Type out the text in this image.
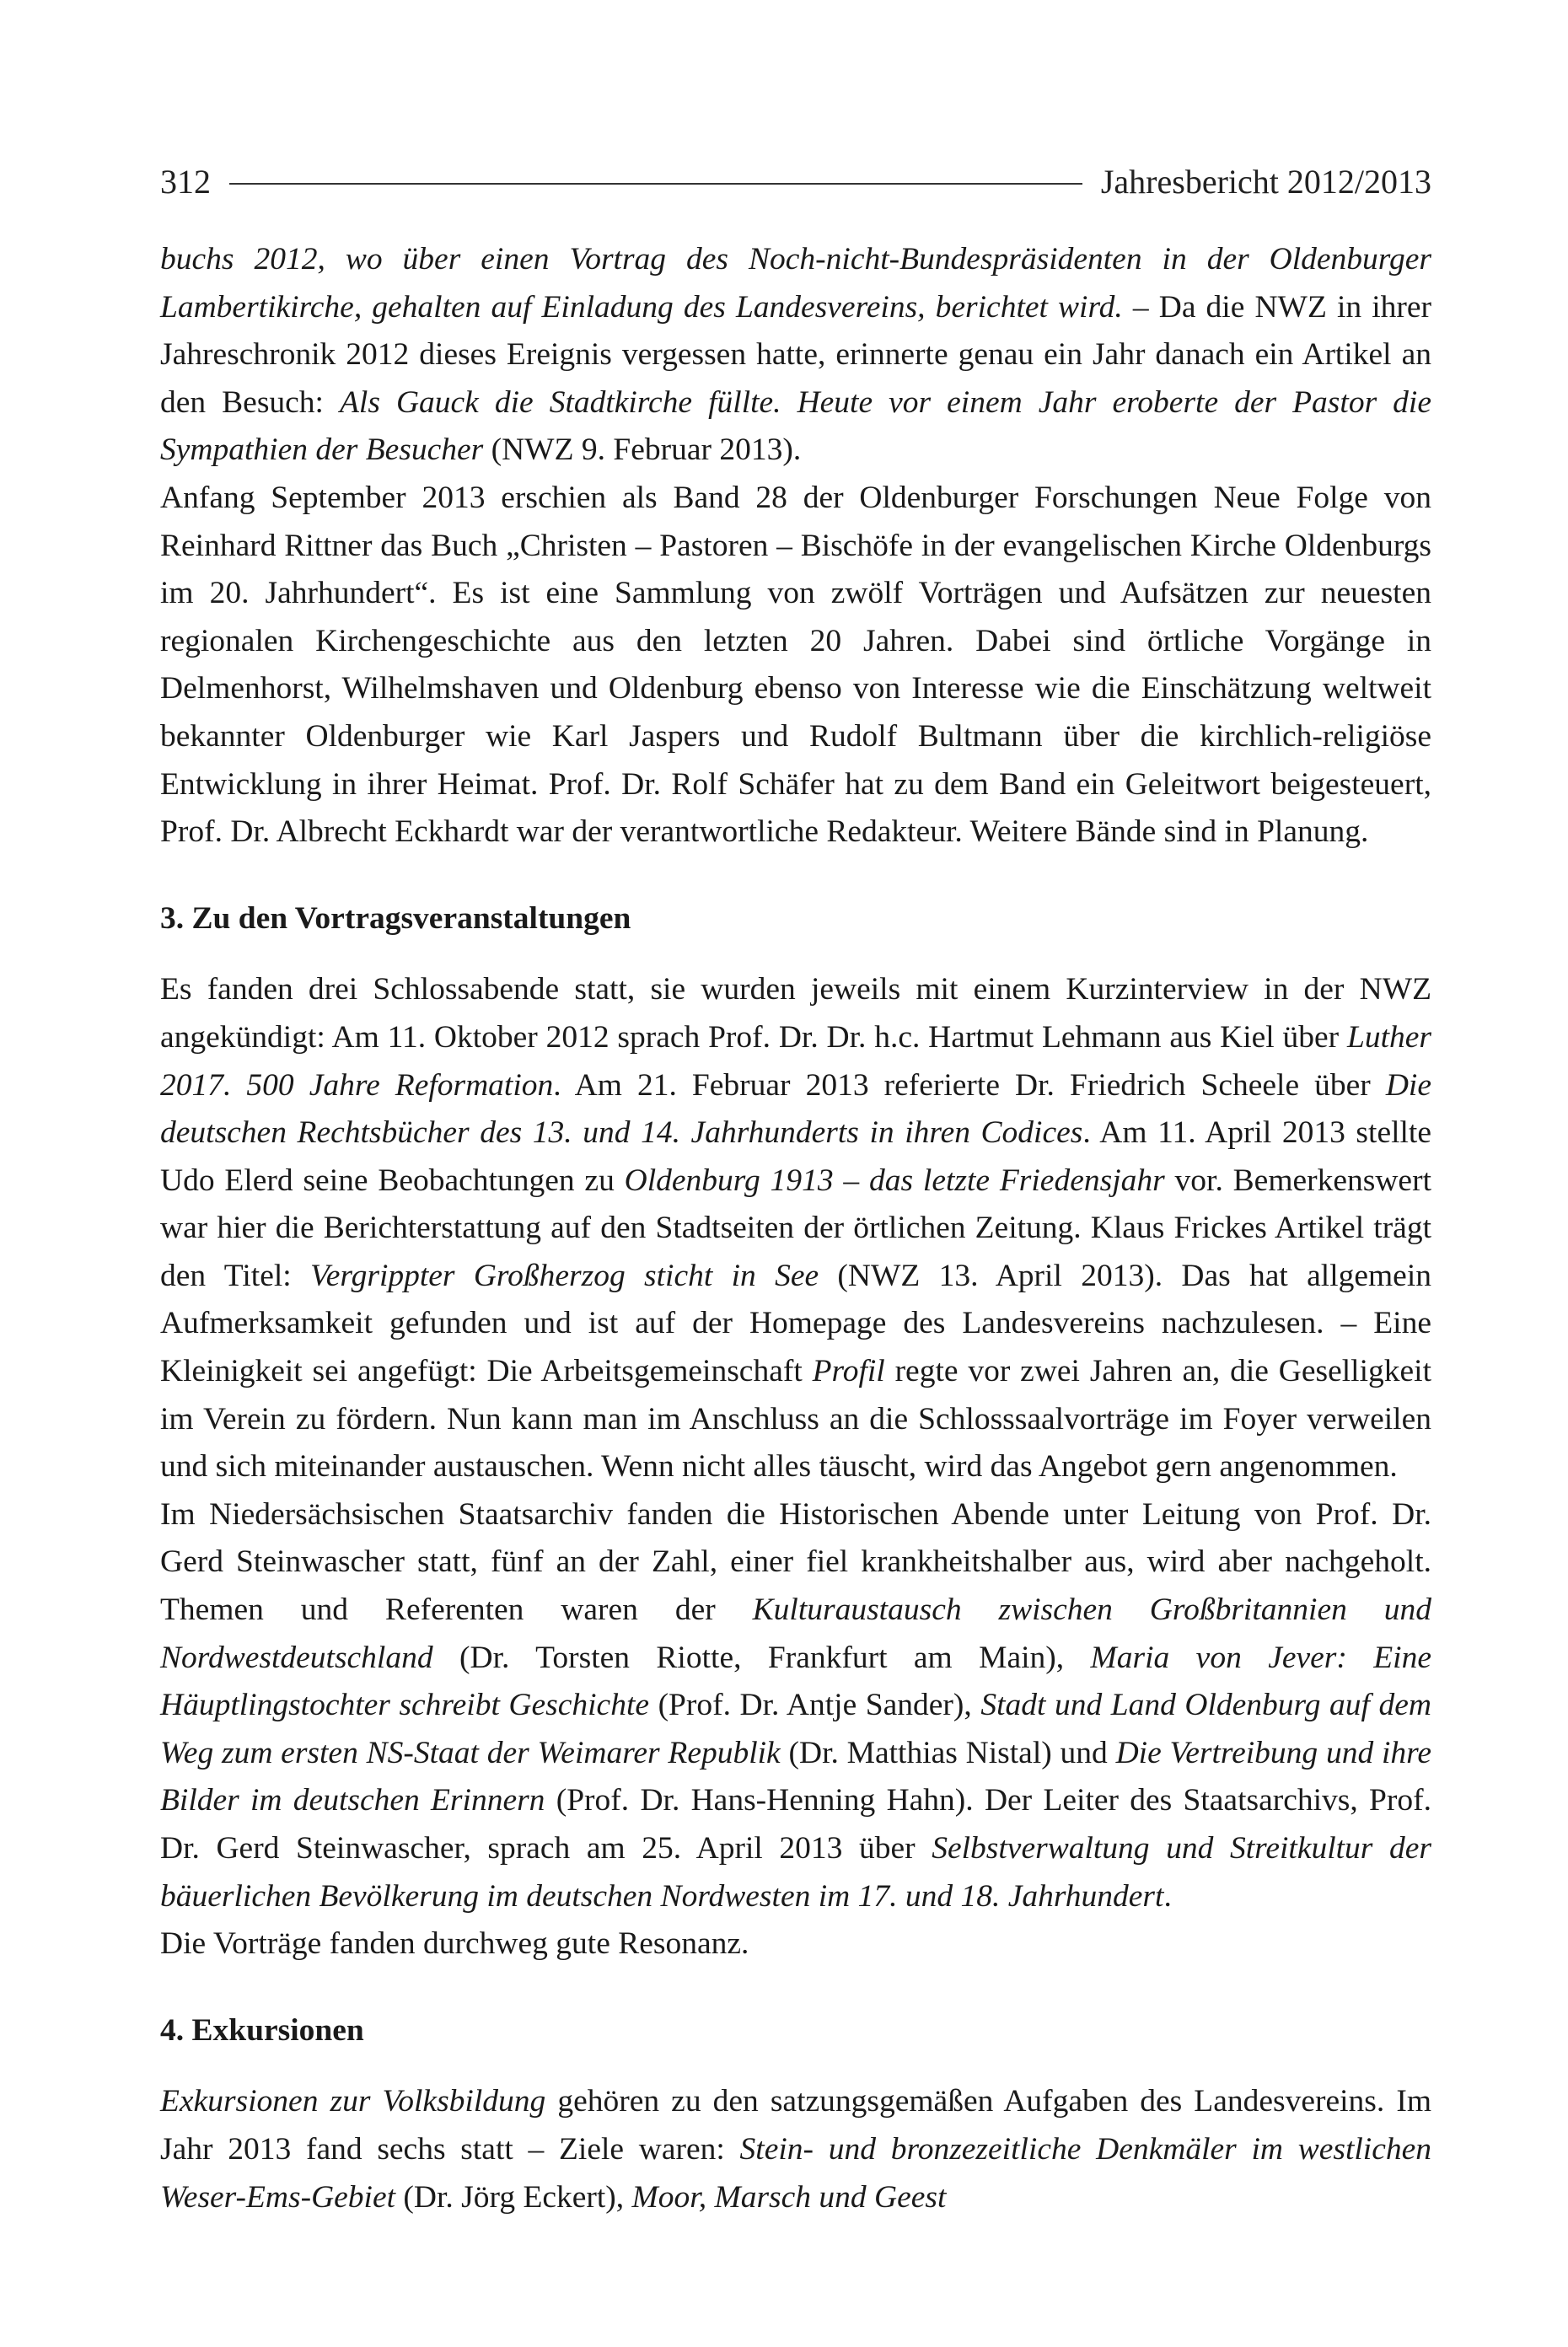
312	Jahresbericht 2012/2013

buchs 2012, wo über einen Vortrag des Noch-nicht-Bundespräsidenten in der Oldenburger Lambertikirche, gehalten auf Einladung des Landesvereins, berichtet wird. – Da die NWZ in ihrer Jahreschronik 2012 dieses Ereignis vergessen hatte, erinnerte genau ein Jahr danach ein Artikel an den Besuch: Als Gauck die Stadtkirche füllte. Heute vor einem Jahr eroberte der Pastor die Sympathien der Besucher (NWZ 9. Februar 2013).

Anfang September 2013 erschien als Band 28 der Oldenburger Forschungen Neue Folge von Reinhard Rittner das Buch „Christen – Pastoren – Bischöfe in der evangelischen Kirche Oldenburgs im 20. Jahrhundert“. Es ist eine Sammlung von zwölf Vorträgen und Aufsätzen zur neuesten regionalen Kirchengeschichte aus den letzten 20 Jahren. Dabei sind örtliche Vorgänge in Delmenhorst, Wilhelmshaven und Oldenburg ebenso von Interesse wie die Einschätzung weltweit bekannter Oldenburger wie Karl Jaspers und Rudolf Bultmann über die kirchlich-religiöse Entwicklung in ihrer Heimat. Prof. Dr. Rolf Schäfer hat zu dem Band ein Geleitwort beigesteuert, Prof. Dr. Albrecht Eckhardt war der verantwortliche Redakteur. Weitere Bände sind in Planung.

3. Zu den Vortragsveranstaltungen

Es fanden drei Schlossabende statt, sie wurden jeweils mit einem Kurzinterview in der NWZ angekündigt: Am 11. Oktober 2012 sprach Prof. Dr. Dr. h.c. Hartmut Lehmann aus Kiel über Luther 2017. 500 Jahre Reformation. Am 21. Februar 2013 referierte Dr. Friedrich Scheele über Die deutschen Rechtsbücher des 13. und 14. Jahrhunderts in ihren Codices. Am 11. April 2013 stellte Udo Elerd seine Beobachtungen zu Oldenburg 1913 – das letzte Friedensjahr vor. Bemerkenswert war hier die Berichterstattung auf den Stadtseiten der örtlichen Zeitung. Klaus Frickes Artikel trägt den Titel: Vergrippter Großherzog sticht in See (NWZ 13. April 2013). Das hat allgemein Aufmerksamkeit gefunden und ist auf der Homepage des Landesvereins nachzulesen. – Eine Kleinigkeit sei angefügt: Die Arbeitsgemeinschaft Profil regte vor zwei Jahren an, die Geselligkeit im Verein zu fördern. Nun kann man im Anschluss an die Schlosssaalvorträge im Foyer verweilen und sich miteinander austauschen. Wenn nicht alles täuscht, wird das Angebot gern angenommen.

Im Niedersächsischen Staatsarchiv fanden die Historischen Abende unter Leitung von Prof. Dr. Gerd Steinwascher statt, fünf an der Zahl, einer fiel krankheitshalber aus, wird aber nachgeholt. Themen und Referenten waren der Kulturaustausch zwischen Großbritannien und Nordwestdeutschland (Dr. Torsten Riotte, Frankfurt am Main), Maria von Jever: Eine Häuptlingstochter schreibt Geschichte (Prof. Dr. Antje Sander), Stadt und Land Oldenburg auf dem Weg zum ersten NS-Staat der Weimarer Republik (Dr. Matthias Nistal) und Die Vertreibung und ihre Bilder im deutschen Erinnern (Prof. Dr. Hans-Henning Hahn). Der Leiter des Staatsarchivs, Prof. Dr. Gerd Steinwascher, sprach am 25. April 2013 über Selbstverwaltung und Streitkultur der bäuerlichen Bevölkerung im deutschen Nordwesten im 17. und 18. Jahrhundert.

Die Vorträge fanden durchweg gute Resonanz.

4. Exkursionen

Exkursionen zur Volksbildung gehören zu den satzungsgemäßen Aufgaben des Landesvereins. Im Jahr 2013 fand sechs statt – Ziele waren: Stein- und bronzezeitliche Denkmäler im westlichen Weser-Ems-Gebiet (Dr. Jörg Eckert), Moor, Marsch und Geest
